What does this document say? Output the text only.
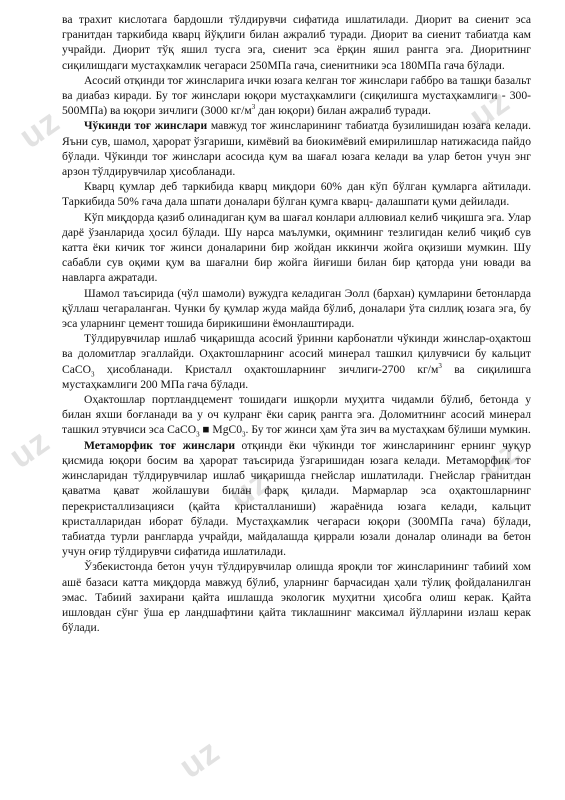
uz
uz
uz
uz
uz
uz

ва трахит кислотага бардошли тўлдирувчи сифатида ишлатилади. Диорит ва сиенит эса гранитдан таркибида кварц йўқлиги билан ажралиб туради. Диорит ва сиенит табиатда кам учрайди. Диорит тўқ яшил тусга эга, сиенит эса ёрқин яшил рангга эга. Диоритнинг сиқилишдаги мустаҳкамлик чегараси 250МПа гача, сиенитники эса 180МПа гача бўлади.

Асосий отқинди тоғ жинсларига ички юзага келган тоғ жинслари габбро ва ташқи базальт ва диабаз киради. Бу тоғ жинслари юқори мустаҳкамлиги (сиқилишга мустаҳкамлиги - 300-500МПа) ва юқори зичлиги (3000 $кг/м^3$ дан юқори) билан ажралиб туради.

Чўкинди тоғ жинслари мавжуд тоғ жинсларининг табиатда бузилишидан юзага келади. Яъни сув, шамол, ҳарорат ўзгариши, кимёвий ва биокимёвий емирилишлар натижасида пайдо бўлади. Чўкинди тоғ жинслари асосида қум ва шағал юзага келади ва улар бетон учун энг арзон тўлдирувчилар ҳисобланади.

Кварц қумлар деб таркибида кварц миқдори 60% дан кўп бўлган қумларга айтилади. Таркибида 50% гача дала шпати доналари бўлган қумга кварц- далашпати қуми дейилади.

Кўп миқдорда қазиб олинадиган қум ва шағал конлари аллювиал келиб чиқишга эга. Улар дарё ўзанларида ҳосил бўлади. Шу нарса маълумки, оқимнинг тезлигидан келиб чиқиб сув катта ёки кичик тоғ жинси доналарини бир жойдан иккинчи жойга оқизиши мумкин. Шу сабабли сув оқими қум ва шағални бир жойга йиғиши билан бир қаторда уни ювади ва навларга ажратади.

Шамол таъсирида (чўл шамоли) вужудга келадиган Эолл (бархан) қумларини бетонларда қўллаш чегараланган. Чунки бу қумлар жуда майда бўлиб, доналари ўта силлиқ юзага эга, бу эса уларнинг цемент тошида бирикишини ёмонлаштиради.

Тўлдирувчилар ишлаб чиқаришда асосий ўринни карбонатли чўкинди жинслар-оҳактош ва доломитлар эгаллайди. Оҳактошларнинг асосий минерал ташкил қилувчиси бу кальцит CaCO$_3$ ҳисобланади. Кристалл оҳактошларнинг зичлиги-2700 $кг/м^3$ ва сиқилишга мустаҳкамлиги 200 МПа гача бўлади.

Оҳактошлар портландцемент тошидаги ишқорли муҳитга чидамли бўлиб, бетонда у билан яхши боғланади ва у оч кулранг ёки сариқ рангга эга. Доломитнинг асосий минерал ташкил этувчиси эса CaCO$_3$ ■ $MgC0_3$. Бу тоғ жинси ҳам ўта зич ва мустаҳкам бўлиши мумкин.

Метаморфик тоғ жинслари отқинди ёки чўкинди тоғ жинсларининг ернинг чуқур қисмида юқори босим ва ҳарорат таъсирида ўзгаришидан юзага келади. Метаморфик тоғ жинсларидан тўлдирувчилар ишлаб чиқаришда гнейслар ишлатилади. Гнейслар гранитдан қаватма қават жойлашуви билан фарқ қилади. Мармарлар эса оҳактошларнинг перекристаллизацияси (қайта кристалланиши) жараёнида юзага келади, кальцит кристалларидан иборат бўлади. Мустаҳкамлик чегараси юқори (300МПа гача) бўлади, табиатда турли рангларда учрайди, майдалашда қиррали юзали доналар олинади ва бетон учун оғир тўлдирувчи сифатида ишлатилади.

Ўзбекистонда бетон учун тўлдирувчилар олишда яроқли тоғ жинсларининг табиий хом ашё базаси катта миқдорда мавжуд бўлиб, уларнинг барчасидан ҳали тўлиқ фойдаланилган эмас. Табиий захирани қайта ишлашда экологик муҳитни ҳисобга олиш керак. Қайта ишловдан сўнг ўша ер ландшафтини қайта тиклашнинг максимал йўлларини излаш керак бўлади.
